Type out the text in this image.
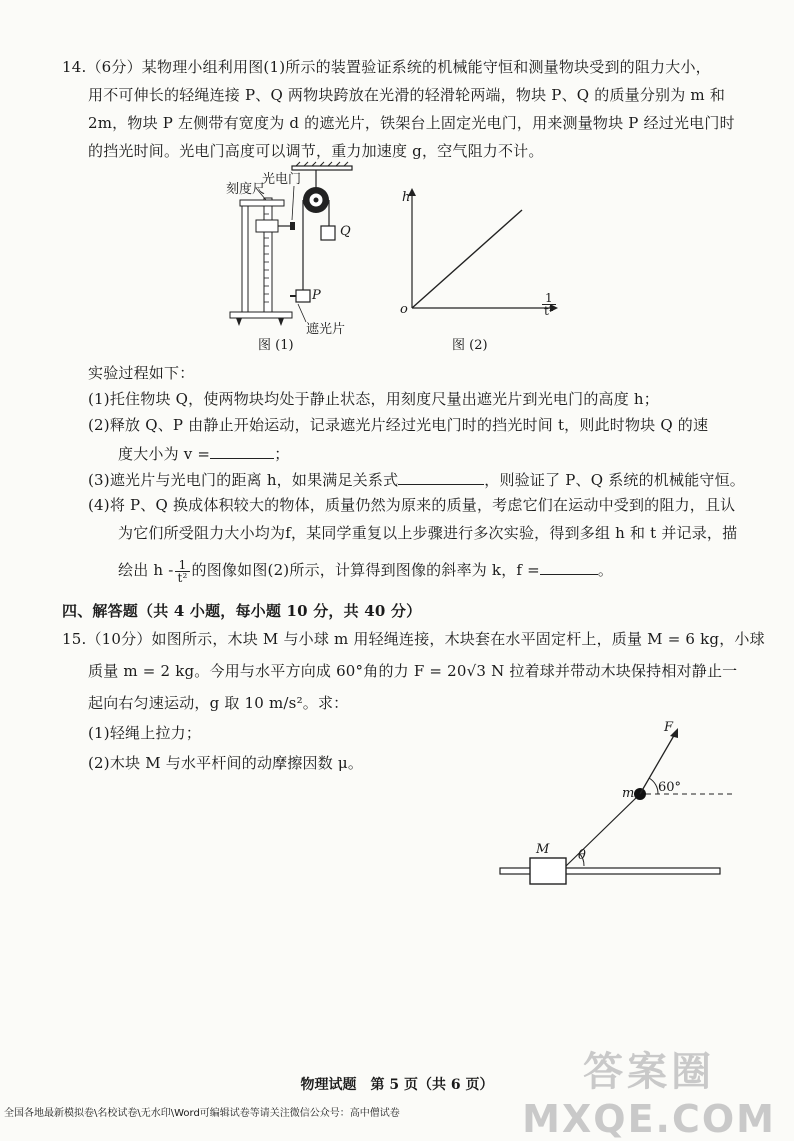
14.（6分）某物理小组利用图(1)所示的装置验证系统的机械能守恒和测量物块受到的阻力大小，
用不可伸长的轻绳连接 P、Q 两物块跨放在光滑的轻滑轮两端，物块 P、Q 的质量分别为 m 和
2m，物块 P 左侧带有宽度为 d 的遮光片，铁架台上固定光电门，用来测量物块 P 经过光电门时
的挡光时间。光电门高度可以调节，重力加速度 g，空气阻力不计。
刻度尺
光电门
Q
P
遮光片
图 (1)
h
o	$\frac{1}{\text{t²}}$
图 (2)
实验过程如下：
(1)托住物块 Q，使两物块均处于静止状态，用刻度尺量出遮光片到光电门的高度 h；
(2)释放 Q、P 由静止开始运动，记录遮光片经过光电门时的挡光时间 t，则此时物块 Q 的速
度大小为 v =	；
(3)遮光片与光电门的距离 h，如果满足关系式	，则验证了 P、Q 系统的机械能守恒。
(4)将 P、Q 换成体积较大的物体，质量仍然为原来的质量，考虑它们在运动中受到的阻力，且认
为它们所受阻力大小均为f，某同学重复以上步骤进行多次实验，得到多组 h 和 t 并记录，描
绘出 h - $\frac{1}{\text{t²}}$ 的图像如图(2)所示，计算得到图像的斜率为 k，f =	。
四、解答题（共 4 小题，每小题 10 分，共 40 分）
15.（10分）如图所示，木块 M 与小球 m 用轻绳连接，木块套在水平固定杆上，质量 M = 6 kg，小球
质量 m = 2 kg。今用与水平方向成 60°角的力 F = 20√3 N 拉着球并带动木块保持相对静止一
起向右匀速运动，g 取 10 m/s²。求：
(1)轻绳上拉力；
(2)木块 M 与水平杆间的动摩擦因数 μ。
F
m 60°
M θ
物理试题　第 5 页（共 6 页）
全国各地最新模拟卷\名校试卷\无水印\Word可编辑试卷等请关注微信公众号：高中僧试卷
答案圈
MXQE.COM
